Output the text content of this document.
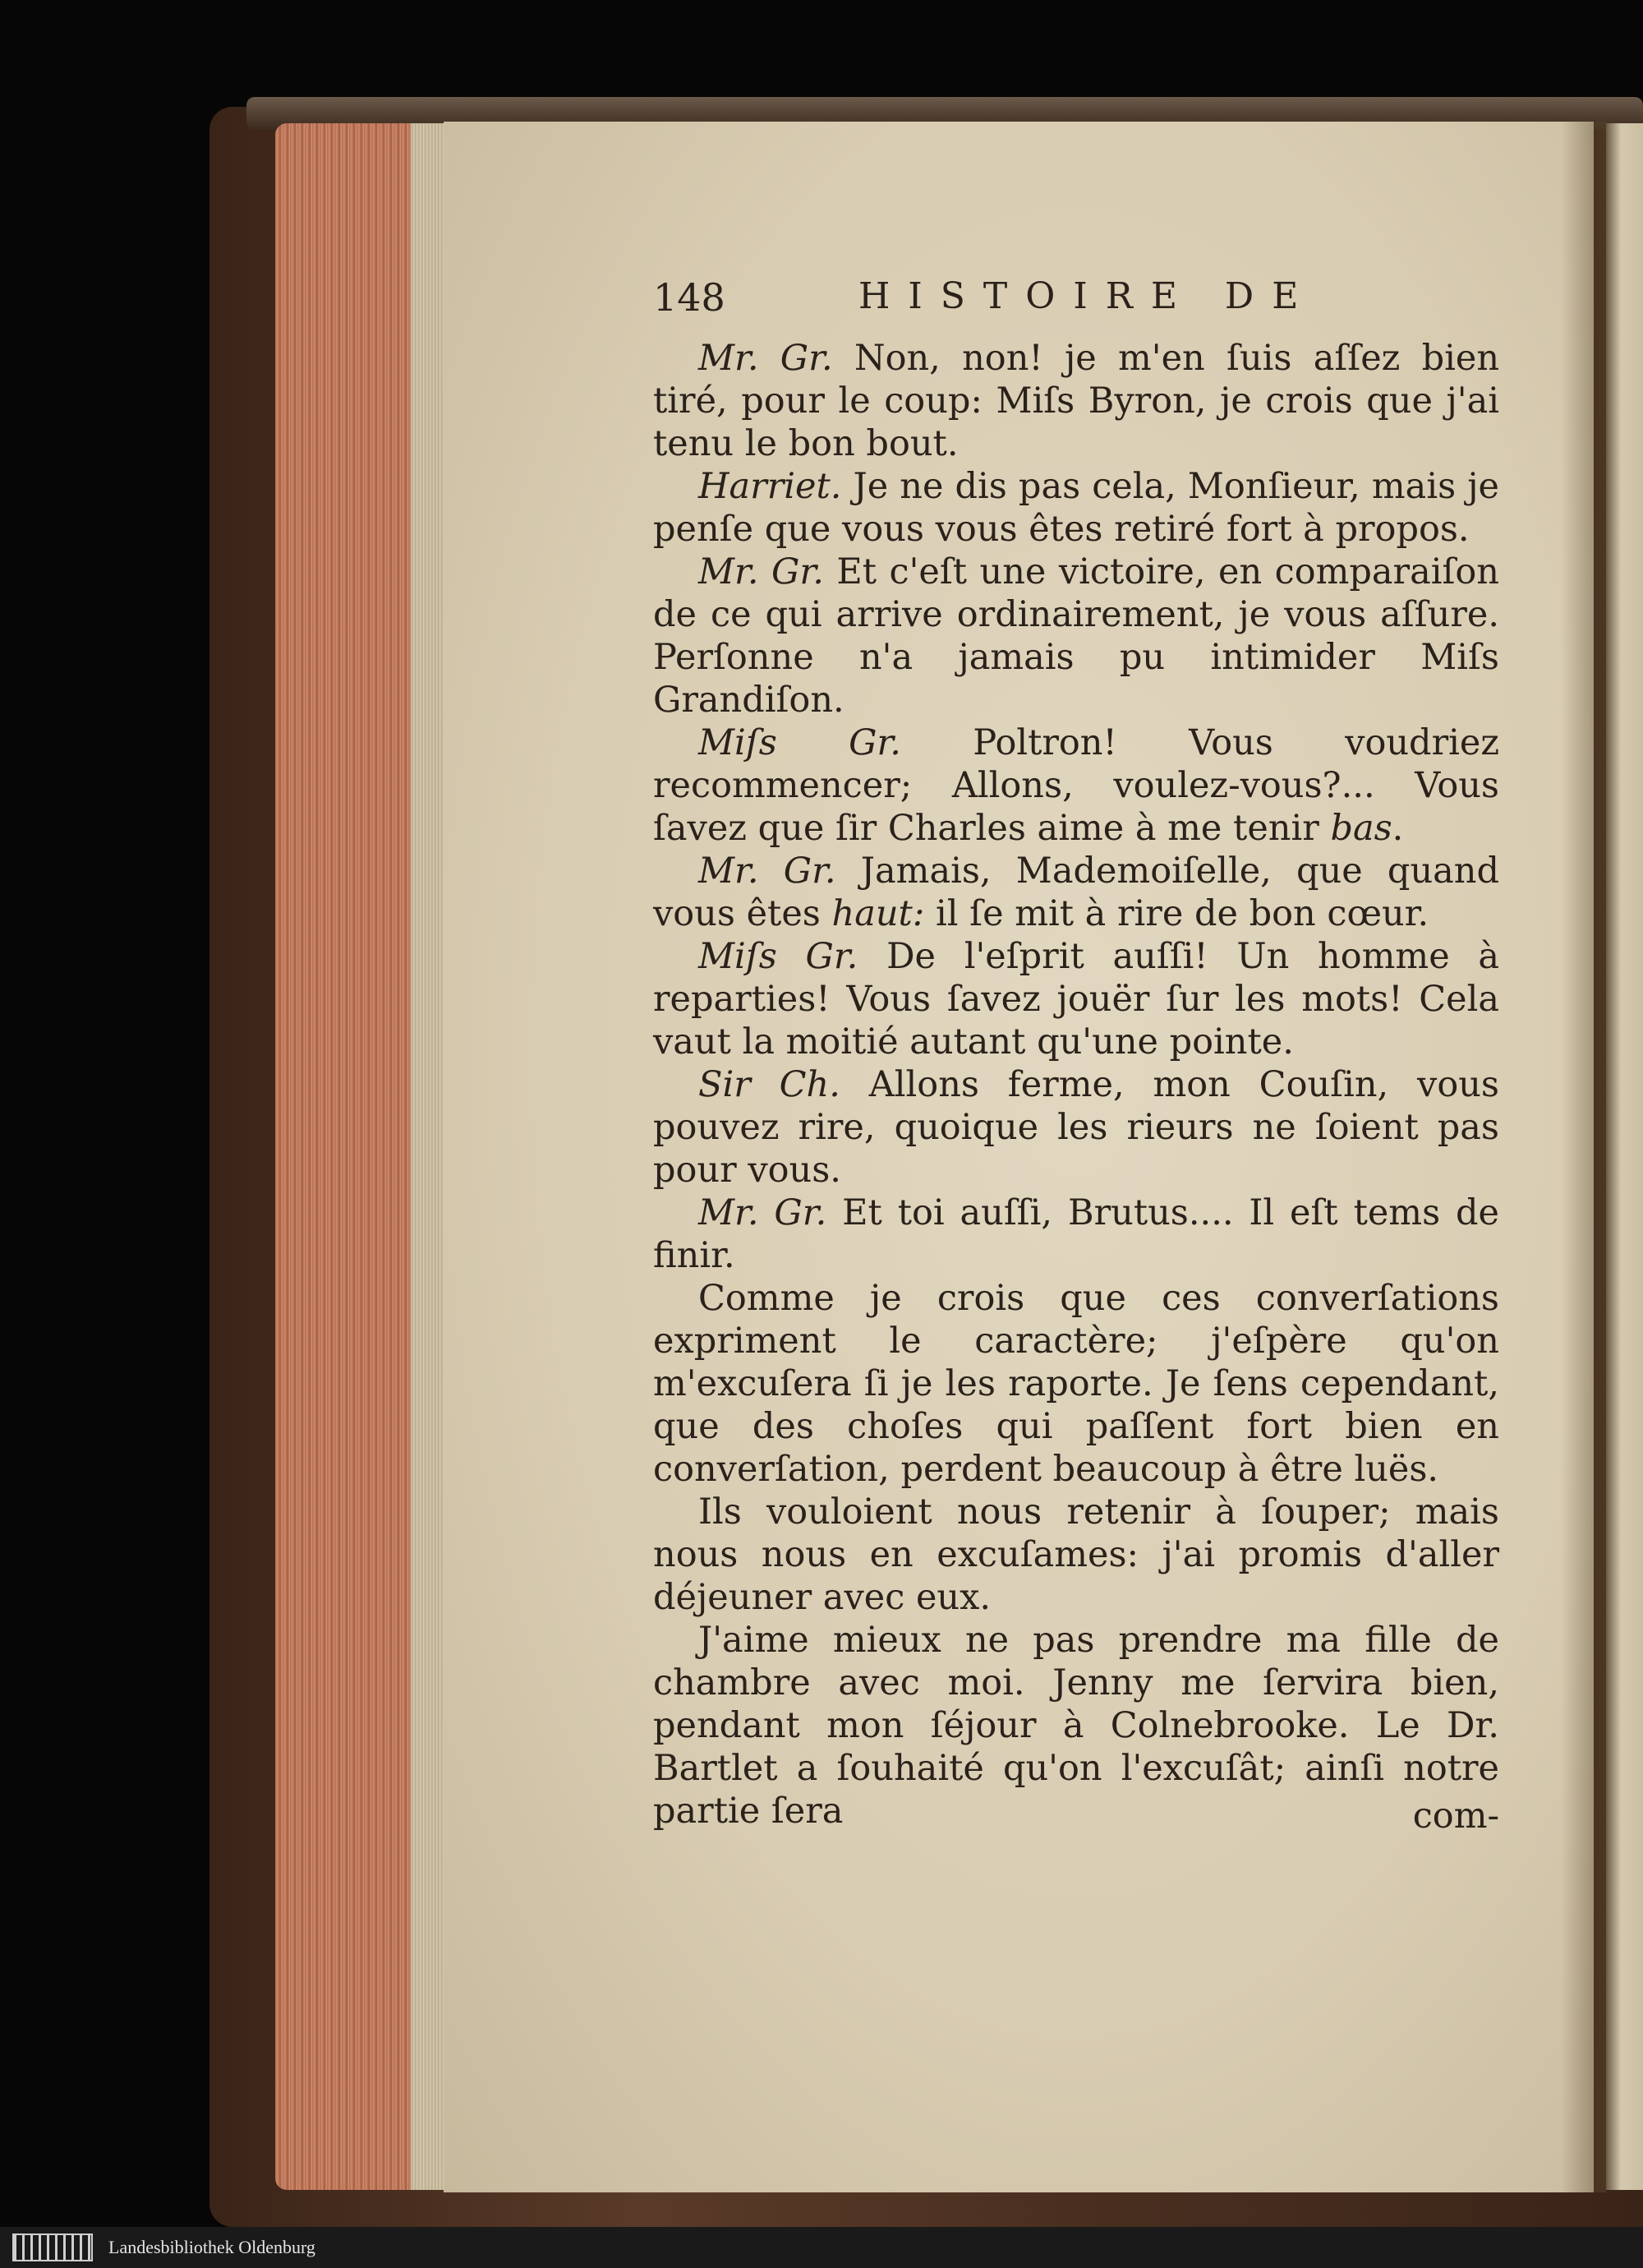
148	HISTOIRE DE

Mr. Gr. Non, non! je m'en ſuis aſſez bien tiré, pour le coup: Miſs Byron, je crois que j'ai tenu le bon bout.

Harriet. Je ne dis pas cela, Monſieur, mais je penſe que vous vous êtes retiré fort à propos.

Mr. Gr. Et c'eſt une victoire, en comparaiſon de ce qui arrive ordinairement, je vous aſſure. Perſonne n'a jamais pu intimider Miſs Grandiſon.

Miſs Gr. Poltron! Vous voudriez recommencer; Allons, voulez-vous?... Vous ſavez que ſir Charles aime à me tenir bas.

Mr. Gr. Jamais, Mademoiſelle, que quand vous êtes haut: il ſe mit à rire de bon cœur.

Miſs Gr. De l'eſprit auſſi! Un homme à reparties! Vous ſavez jouër ſur les mots! Cela vaut la moitié autant qu'une pointe.

Sir Ch. Allons ferme, mon Couſin, vous pouvez rire, quoique les rieurs ne ſoient pas pour vous.

Mr. Gr. Et toi auſſi, Brutus.... Il eſt tems de finir.

Comme je crois que ces converſations expriment le caractère; j'eſpère qu'on m'excuſera ſi je les raporte. Je ſens cependant, que des choſes qui paſſent fort bien en converſation, perdent beaucoup à être luës.

Ils vouloient nous retenir à ſouper; mais nous nous en excuſames: j'ai promis d'aller déjeuner avec eux.

J'aime mieux ne pas prendre ma fille de chambre avec moi. Jenny me ſervira bien, pendant mon ſéjour à Colnebrooke. Le Dr. Bartlet a ſouhaité qu'on l'excuſât; ainſi notre partie ſera	com-
Landesbibliothek Oldenburg
